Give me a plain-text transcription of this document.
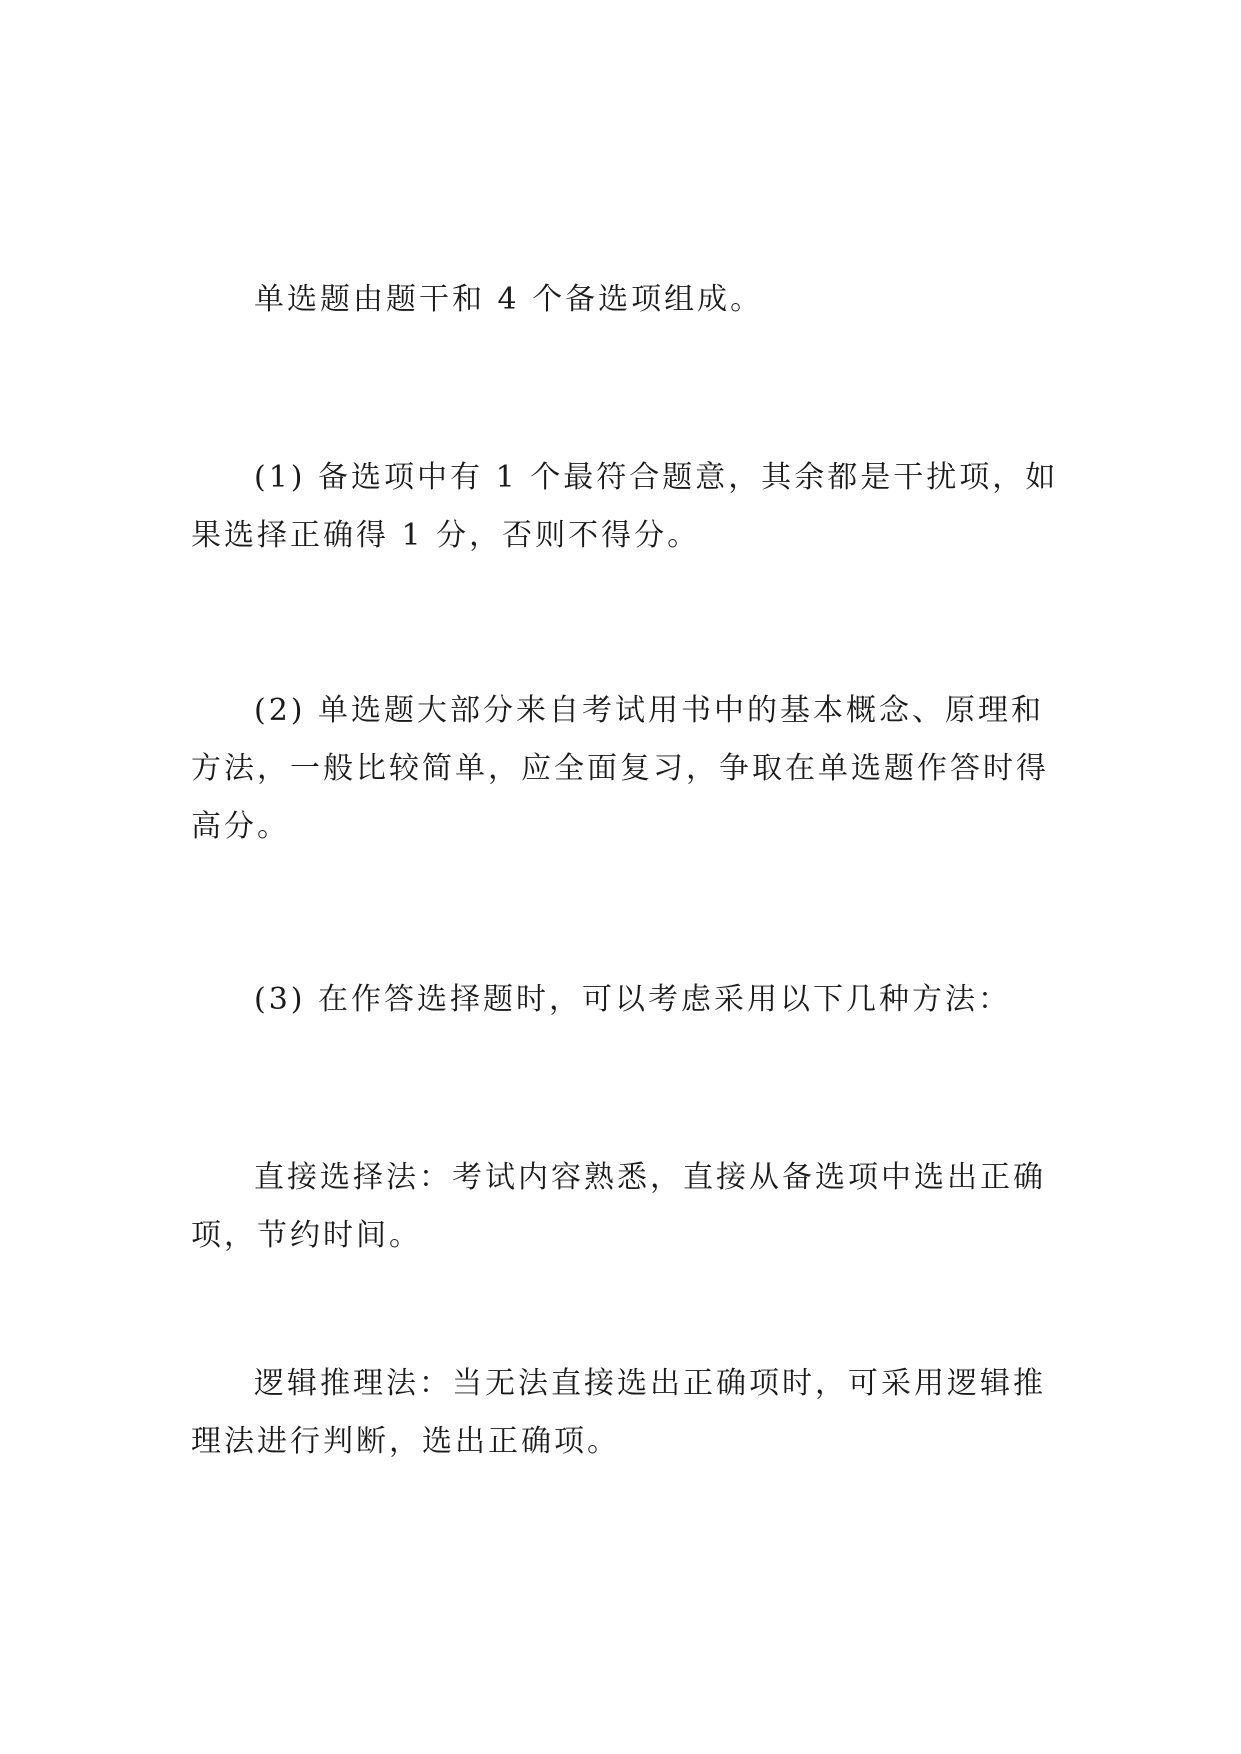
单选题由题干和 4 个备选项组成。

(1) 备选项中有 1 个最符合题意，其余都是干扰项，如果选择正确得 1 分，否则不得分。

(2) 单选题大部分来自考试用书中的基本概念、原理和方法，一般比较简单，应全面复习，争取在单选题作答时得高分。

(3) 在作答选择题时，可以考虑采用以下几种方法：

直接选择法：考试内容熟悉，直接从备选项中选出正确项，节约时间。

逻辑推理法：当无法直接选出正确项时，可采用逻辑推理法进行判断，选出正确项。
